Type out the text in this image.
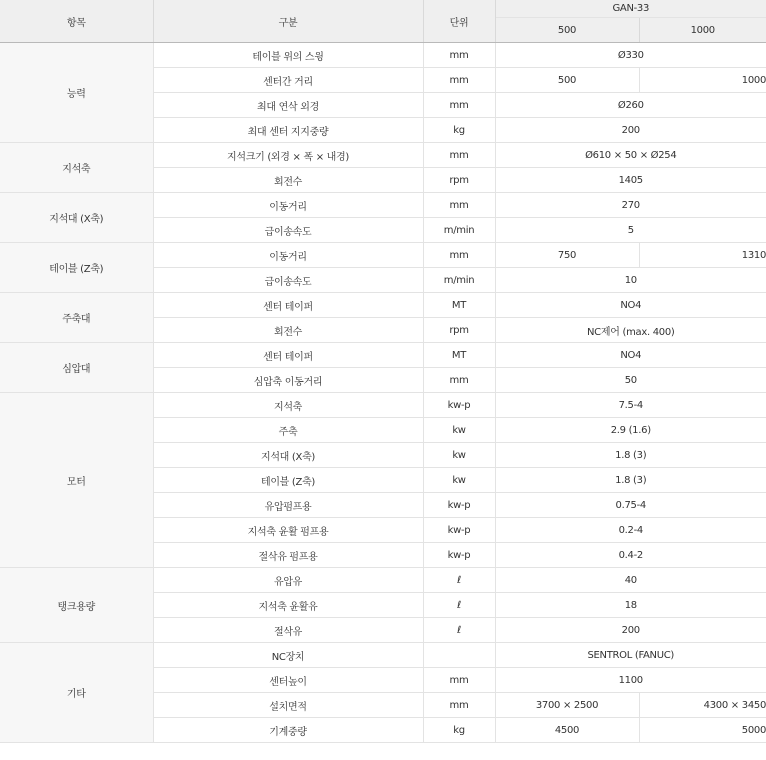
항목	구분	단위	GAN-33	
			500	1000
능력	테이블 위의 스윙	mm	Ø330	
	센터간 거리	mm	500	1000
	최대 연삭 외경	mm	Ø260	
	최대 센터 지지중량	kg	200	
지석축	지석크기 (외경 × 폭 × 내경)	mm	Ø610 × 50 × Ø254	
	회전수	rpm	1405	
지석대 (X축)	이동거리	mm	270	
	급이송속도	m/min	5	
테이블 (Z축)	이동거리	mm	750	1310
	급이송속도	m/min	10	
주축대	센터 테이퍼	MT	NO4	
	회전수	rpm	NC제어 (max. 400)	
심압대	센터 테이퍼	MT	NO4	
	심압축 이동거리	mm	50	
모터	지석축	kw-p	7.5-4	
	주축	kw	2.9 (1.6)	
	지석대 (X축)	kw	1.8 (3)	
	테이블 (Z축)	kw	1.8 (3)	
	유압펌프용	kw-p	0.75-4	
	지석축 윤활 펌프용	kw-p	0.2-4	
	절삭유 펌프용	kw-p	0.4-2	
탱크용량	유압유	ℓ	40	
	지석축 윤활유	ℓ	18	
	절삭유	ℓ	200	
기타	NC장치		SENTROL (FANUC)	
	센터높이	mm	1100	
	설치면적	mm	3700 × 2500	4300 × 3450
	기계중량	kg	4500	5000
